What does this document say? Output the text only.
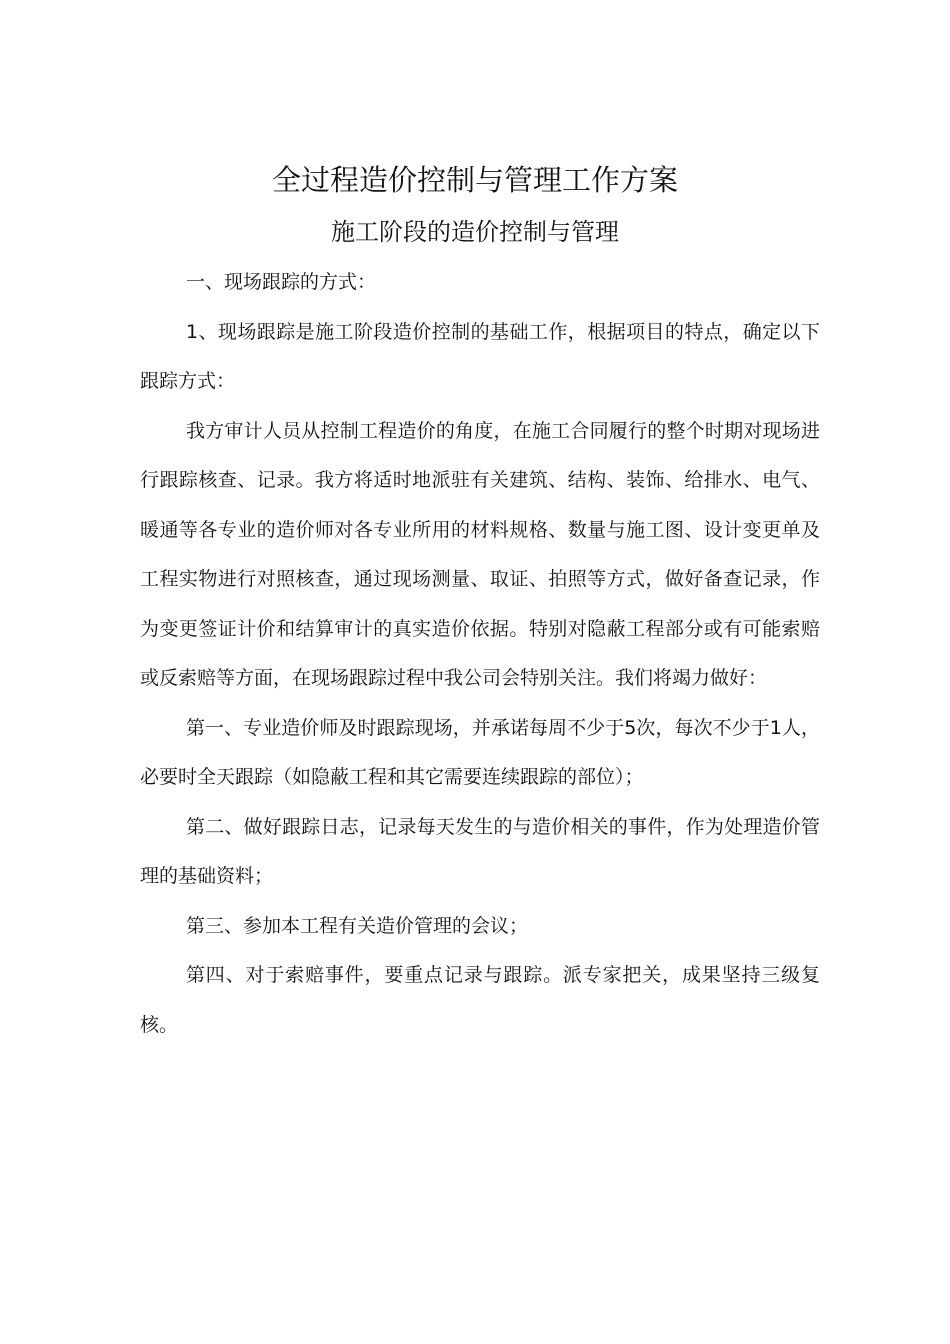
全过程造价控制与管理工作方案
施工阶段的造价控制与管理

一、现场跟踪的方式：

1、现场跟踪是施工阶段造价控制的基础工作，根据项目的特点，确定以下跟踪方式：

我方审计人员从控制工程造价的角度，在施工合同履行的整个时期对现场进行跟踪核查、记录。我方将适时地派驻有关建筑、结构、装饰、给排水、电气、暖通等各专业的造价师对各专业所用的材料规格、数量与施工图、设计变更单及工程实物进行对照核查，通过现场测量、取证、拍照等方式，做好备查记录，作为变更签证计价和结算审计的真实造价依据。特别对隐蔽工程部分或有可能索赔或反索赔等方面，在现场跟踪过程中我公司会特别关注。我们将竭力做好：

第一、专业造价师及时跟踪现场，并承诺每周不少于5次，每次不少于1人，必要时全天跟踪（如隐蔽工程和其它需要连续跟踪的部位）；

第二、做好跟踪日志，记录每天发生的与造价相关的事件，作为处理造价管理的基础资料；

第三、参加本工程有关造价管理的会议；

第四、对于索赔事件，要重点记录与跟踪。派专家把关，成果坚持三级复核。
